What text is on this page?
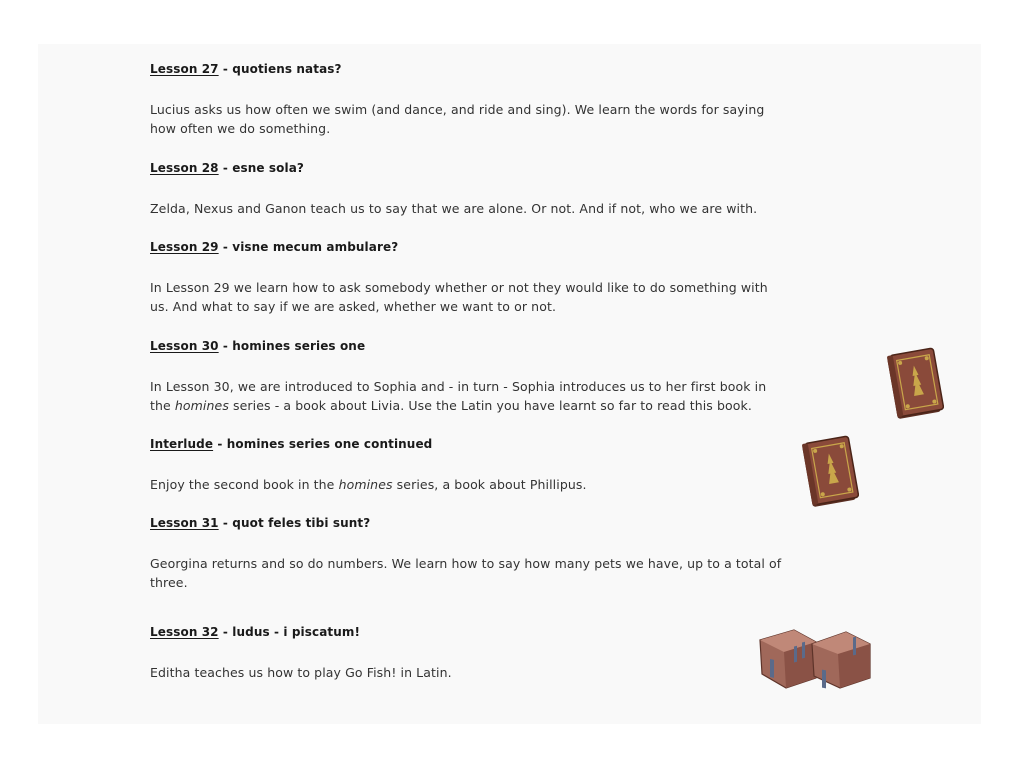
Lesson 27 - quotiens natas?
Lucius asks us how often we swim (and dance, and ride and sing). We learn the words for saying how often we do something.
Lesson 28 - esne sola?
Zelda, Nexus and Ganon teach us to say that we are alone. Or not. And if not, who we are with.
Lesson 29 - visne mecum ambulare?
In Lesson 29 we learn how to ask somebody whether or not they would like to do something with us. And what to say if we are asked, whether we want to or not.
Lesson 30 - homines series one
In Lesson 30, we are introduced to Sophia and - in turn - Sophia introduces us to her first book in the homines series - a book about Livia. Use the Latin you have learnt so far to read this book.
Interlude - homines series one continued
Enjoy the second book in the homines series, a book about Phillipus.
Lesson 31 - quot feles tibi sunt?
Georgina returns and so do numbers. We learn how to say how many pets we have, up to a total of three.
Lesson 32 - ludus - i piscatum!
Editha teaches us how to play Go Fish! in Latin.
